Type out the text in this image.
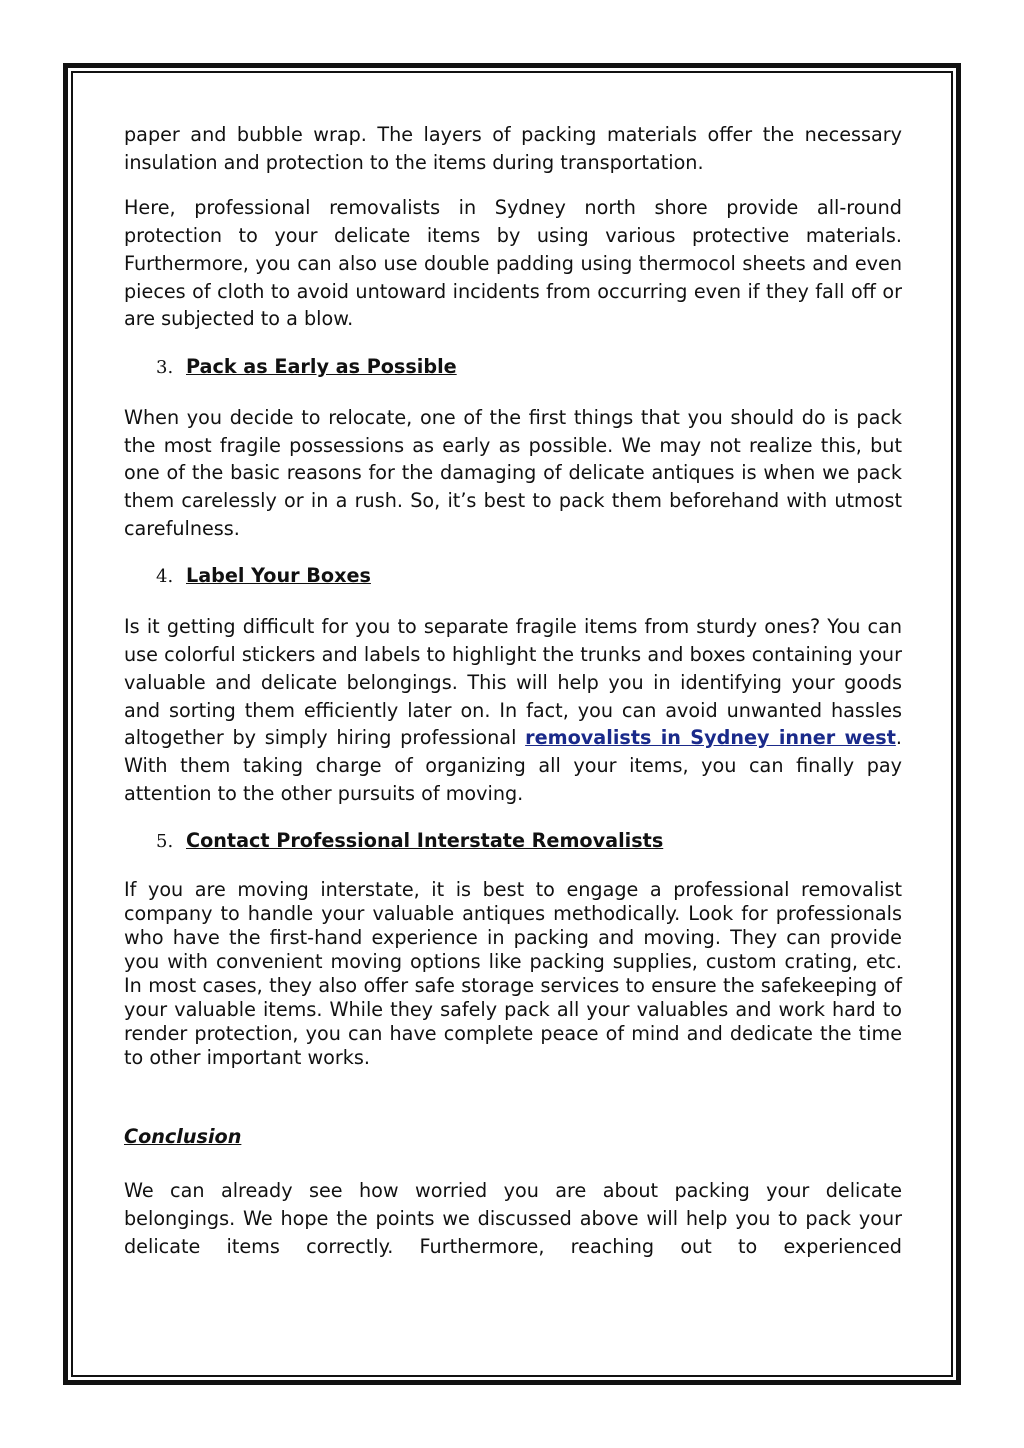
paper and bubble wrap. The layers of packing materials offer the necessary insulation and protection to the items during transportation.

Here, professional removalists in Sydney north shore provide all-round protection to your delicate items by using various protective materials. Furthermore, you can also use double padding using thermocol sheets and even pieces of cloth to avoid untoward incidents from occurring even if they fall off or are subjected to a blow.

3. Pack as Early as Possible

When you decide to relocate, one of the first things that you should do is pack the most fragile possessions as early as possible. We may not realize this, but one of the basic reasons for the damaging of delicate antiques is when we pack them carelessly or in a rush. So, it’s best to pack them beforehand with utmost carefulness.

4. Label Your Boxes

Is it getting difficult for you to separate fragile items from sturdy ones? You can use colorful stickers and labels to highlight the trunks and boxes containing your valuable and delicate belongings. This will help you in identifying your goods and sorting them efficiently later on. In fact, you can avoid unwanted hassles altogether by simply hiring professional removalists in Sydney inner west. With them taking charge of organizing all your items, you can finally pay attention to the other pursuits of moving.

5. Contact Professional Interstate Removalists

If you are moving interstate, it is best to engage a professional removalist company to handle your valuable antiques methodically. Look for professionals who have the first-hand experience in packing and moving. They can provide you with convenient moving options like packing supplies, custom crating, etc. In most cases, they also offer safe storage services to ensure the safekeeping of your valuable items. While they safely pack all your valuables and work hard to render protection, you can have complete peace of mind and dedicate the time to other important works.

Conclusion

We can already see how worried you are about packing your delicate belongings. We hope the points we discussed above will help you to pack your delicate items correctly. Furthermore, reaching out to experienced
